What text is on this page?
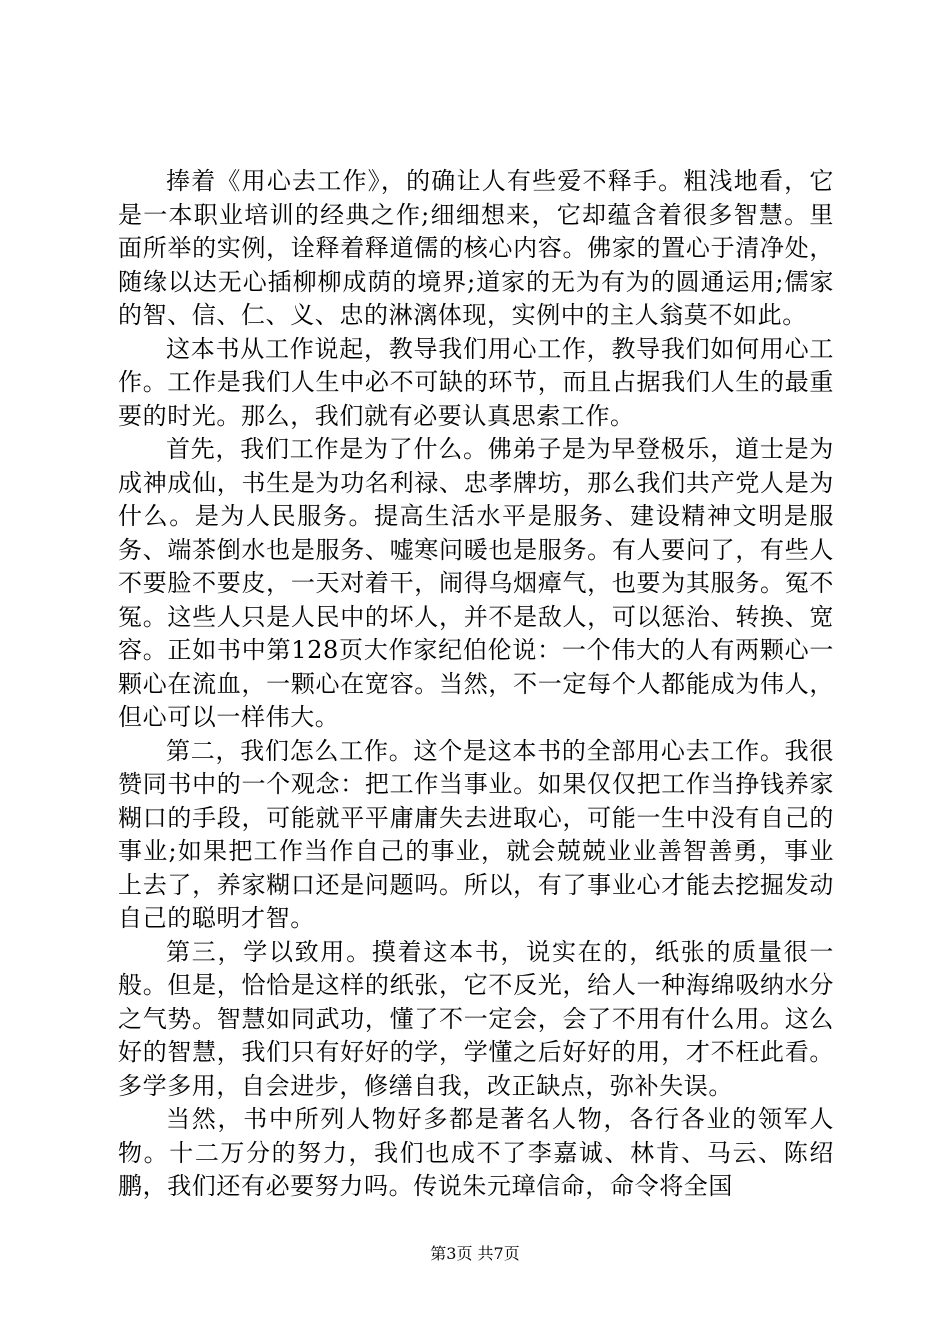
捧着《用心去工作》，的确让人有些爱不释手。粗浅地看，它是一本职业培训的经典之作;细细想来，它却蕴含着很多智慧。里面所举的实例，诠释着释道儒的核心内容。佛家的置心于清净处，随缘以达无心插柳柳成荫的境界;道家的无为有为的圆通运用;儒家的智、信、仁、义、忠的淋漓体现，实例中的主人翁莫不如此。

这本书从工作说起，教导我们用心工作，教导我们如何用心工作。工作是我们人生中必不可缺的环节，而且占据我们人生的最重要的时光。那么，我们就有必要认真思索工作。

首先，我们工作是为了什么。佛弟子是为早登极乐，道士是为成神成仙，书生是为功名利禄、忠孝牌坊，那么我们共产党人是为什么。是为人民服务。提高生活水平是服务、建设精神文明是服务、端茶倒水也是服务、嘘寒问暖也是服务。有人要问了，有些人不要脸不要皮，一天对着干，闹得乌烟瘴气，也要为其服务。冤不冤。这些人只是人民中的坏人，并不是敌人，可以惩治、转换、宽容。正如书中第128页大作家纪伯伦说：一个伟大的人有两颗心一颗心在流血，一颗心在宽容。当然，不一定每个人都能成为伟人，但心可以一样伟大。

第二，我们怎么工作。这个是这本书的全部用心去工作。我很赞同书中的一个观念：把工作当事业。如果仅仅把工作当挣钱养家糊口的手段，可能就平平庸庸失去进取心，可能一生中没有自己的事业;如果把工作当作自己的事业，就会兢兢业业善智善勇，事业上去了，养家糊口还是问题吗。所以，有了事业心才能去挖掘发动自己的聪明才智。

第三，学以致用。摸着这本书，说实在的，纸张的质量很一般。但是，恰恰是这样的纸张，它不反光，给人一种海绵吸纳水分之气势。智慧如同武功，懂了不一定会，会了不用有什么用。这么好的智慧，我们只有好好的学，学懂之后好好的用，才不枉此看。多学多用，自会进步，修缮自我，改正缺点，弥补失误。

当然，书中所列人物好多都是著名人物，各行各业的领军人物。十二万分的努力，我们也成不了李嘉诚、林肯、马云、陈绍鹏，我们还有必要努力吗。传说朱元璋信命，命令将全国

第3页 共7页
